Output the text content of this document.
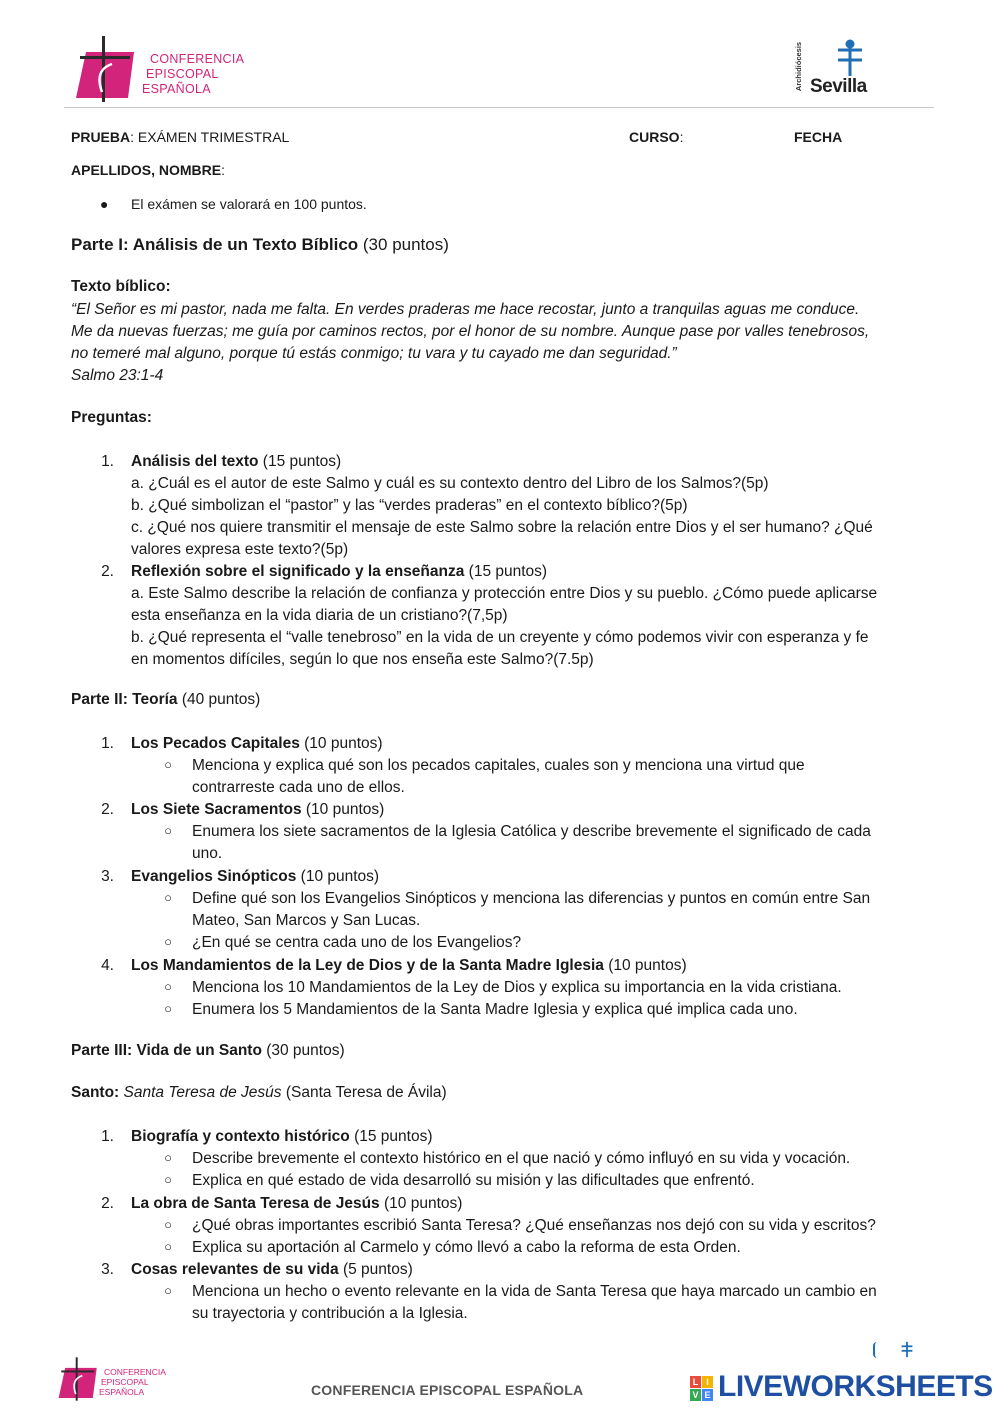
CONFERENCIA
EPISCOPAL
ESPAÑOLA	Archidiócesis Sevilla
PRUEBA: EXÁMEN TRIMESTRAL	CURSO:	FECHA
APELLIDOS, NOMBRE:
● El exámen se valorará en 100 puntos.
Parte I: Análisis de un Texto Bíblico (30 puntos)
Texto bíblico:
“El Señor es mi pastor, nada me falta. En verdes praderas me hace recostar, junto a tranquilas aguas me conduce.
Me da nuevas fuerzas; me guía por caminos rectos, por el honor de su nombre. Aunque pase por valles tenebrosos,
no temeré mal alguno, porque tú estás conmigo; tu vara y tu cayado me dan seguridad.”
Salmo 23:1-4
Preguntas:
1. Análisis del texto (15 puntos)
a. ¿Cuál es el autor de este Salmo y cuál es su contexto dentro del Libro de los Salmos?(5p)
b. ¿Qué simbolizan el “pastor” y las “verdes praderas” en el contexto bíblico?(5p)
c. ¿Qué nos quiere transmitir el mensaje de este Salmo sobre la relación entre Dios y el ser humano? ¿Qué
valores expresa este texto?(5p)
2. Reflexión sobre el significado y la enseñanza (15 puntos)
a. Este Salmo describe la relación de confianza y protección entre Dios y su pueblo. ¿Cómo puede aplicarse
esta enseñanza en la vida diaria de un cristiano?(7,5p)
b. ¿Qué representa el “valle tenebroso” en la vida de un creyente y cómo podemos vivir con esperanza y fe
en momentos difíciles, según lo que nos enseña este Salmo?(7.5p)
Parte II: Teoría (40 puntos)
1. Los Pecados Capitales (10 puntos)
○ Menciona y explica qué son los pecados capitales, cuales son y menciona una virtud que
contrarreste cada uno de ellos.
2. Los Siete Sacramentos (10 puntos)
○ Enumera los siete sacramentos de la Iglesia Católica y describe brevemente el significado de cada
uno.
3. Evangelios Sinópticos (10 puntos)
○ Define qué son los Evangelios Sinópticos y menciona las diferencias y puntos en común entre San
Mateo, San Marcos y San Lucas.
○ ¿En qué se centra cada uno de los Evangelios?
4. Los Mandamientos de la Ley de Dios y de la Santa Madre Iglesia (10 puntos)
○ Menciona los 10 Mandamientos de la Ley de Dios y explica su importancia en la vida cristiana.
○ Enumera los 5 Mandamientos de la Santa Madre Iglesia y explica qué implica cada uno.
Parte III: Vida de un Santo (30 puntos)
Santo: Santa Teresa de Jesús (Santa Teresa de Ávila)
1. Biografía y contexto histórico (15 puntos)
○ Describe brevemente el contexto histórico en el que nació y cómo influyó en su vida y vocación.
○ Explica en qué estado de vida desarrolló su misión y las dificultades que enfrentó.
2. La obra de Santa Teresa de Jesús (10 puntos)
○ ¿Qué obras importantes escribió Santa Teresa? ¿Qué enseñanzas nos dejó con su vida y escritos?
○ Explica su aportación al Carmelo y cómo llevó a cabo la reforma de esta Orden.
3. Cosas relevantes de su vida (5 puntos)
○ Menciona un hecho o evento relevante en la vida de Santa Teresa que haya marcado un cambio en
su trayectoria y contribución a la Iglesia.
CONFERENCIA
EPISCOPAL
ESPAÑOLA	CONFERENCIA EPISCOPAL ESPAÑOLA	L I
V E LIVEWORKSHEETS
